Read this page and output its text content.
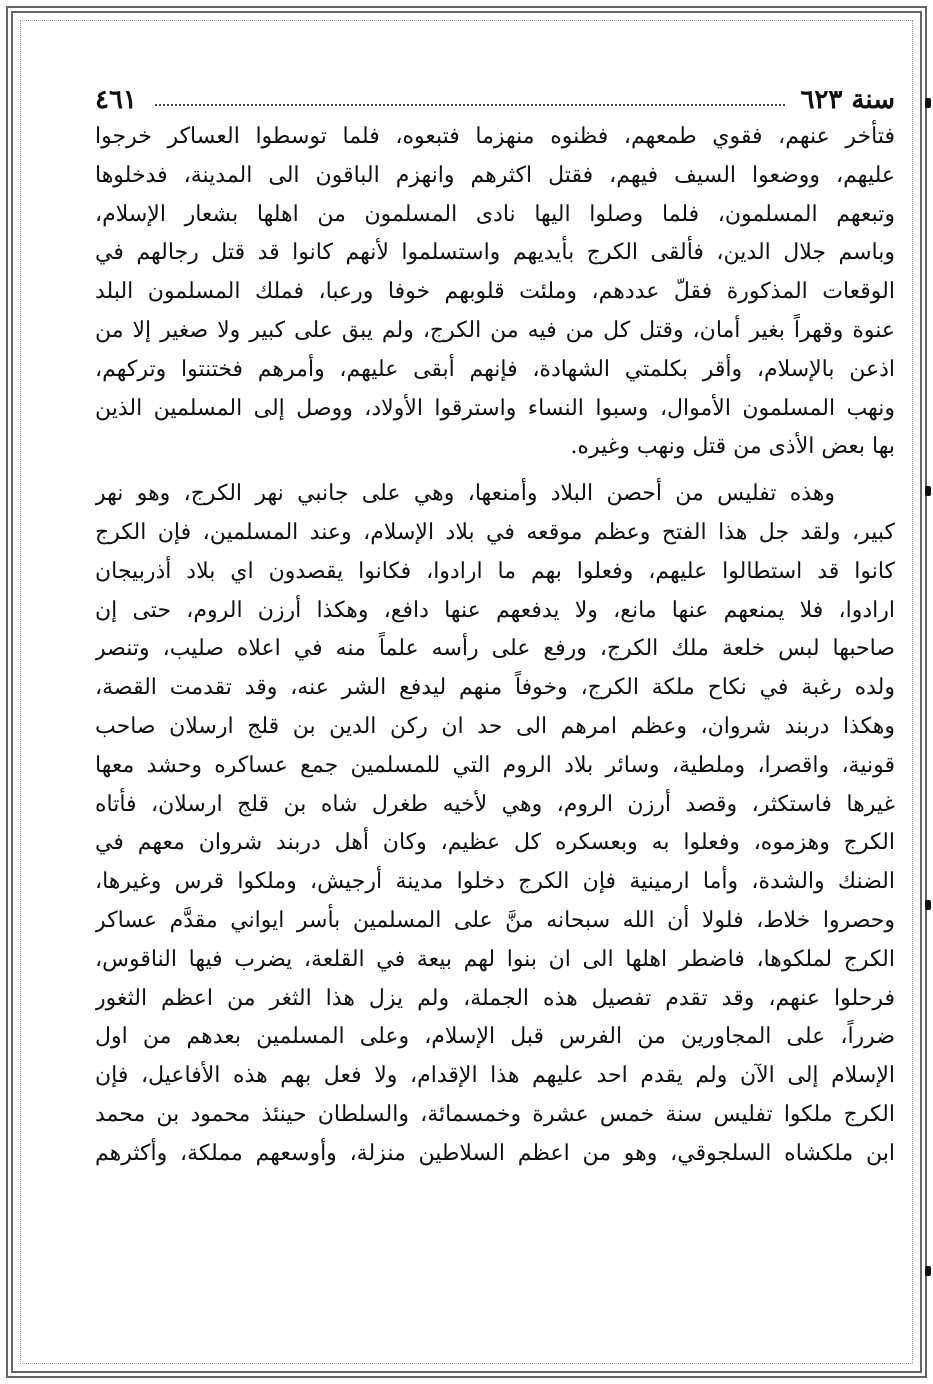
سنة ٦٢٣
٤٦١
فتأخر عنهم، فقوي طمعهم، فظنوه منهزما فتبعوه، فلما توسطوا العساكر خرجوا
عليهم، ووضعوا السيف فيهم، فقتل اكثرهم وانهزم الباقون الى المدينة، فدخلوها
وتبعهم المسلمون، فلما وصلوا اليها نادى المسلمون من اهلها بشعار الإسلام،
وباسم جلال الدين، فألقى الكرج بأيديهم واستسلموا لأنهم كانوا قد قتل رجالهم في
الوقعات المذكورة فقلّ عددهم، وملئت قلوبهم خوفا ورعبا، فملك المسلمون البلد
عنوة وقهراً بغير أمان، وقتل كل من فيه من الكرج، ولم يبق على كبير ولا صغير إلا من
اذعن بالإسلام، وأقر بكلمتي الشهادة، فإنهم أبقى عليهم، وأمرهم فختنتوا وتركهم،
ونهب المسلمون الأموال، وسبوا النساء واسترقوا الأولاد، ووصل إلى المسلمين الذين
بها بعض الأذى من قتل ونهب وغيره.
وهذه تفليس من أحصن البلاد وأمنعها، وهي على جانبي نهر الكرج، وهو نهر
كبير، ولقد جل هذا الفتح وعظم موقعه في بلاد الإسلام، وعند المسلمين، فإن الكرج
كانوا قد استطالوا عليهم، وفعلوا بهم ما ارادوا، فكانوا يقصدون اي بلاد أذربيجان
ارادوا، فلا يمنعهم عنها مانع، ولا يدفعهم عنها دافع، وهكذا أرزن الروم، حتى إن
صاحبها لبس خلعة ملك الكرج، ورفع على رأسه علماً منه في اعلاه صليب، وتنصر
ولده رغبة في نكاح ملكة الكرج، وخوفاً منهم ليدفع الشر عنه، وقد تقدمت القصة،
وهكذا دربند شروان، وعظم امرهم الى حد ان ركن الدين بن قلج ارسلان صاحب
قونية، واقصرا، وملطية، وسائر بلاد الروم التي للمسلمين جمع عساكره وحشد معها
غيرها فاستكثر، وقصد أرزن الروم، وهي لأخيه طغرل شاه بن قلج ارسلان، فأتاه
الكرج وهزموه، وفعلوا به وبعسكره كل عظيم، وكان أهل دربند شروان معهم في
الضنك والشدة، وأما ارمينية فإن الكرج دخلوا مدينة أرجيش، وملكوا قرس وغيرها،
وحصروا خلاط، فلولا أن الله سبحانه منَّ على المسلمين بأسر ايواني مقدَّم عساكر
الكرج لملكوها، فاضطر اهلها الى ان بنوا لهم بيعة في القلعة، يضرب فيها الناقوس،
فرحلوا عنهم، وقد تقدم تفصيل هذه الجملة، ولم يزل هذا الثغر من اعظم الثغور
ضرراً، على المجاورين من الفرس قبل الإسلام، وعلى المسلمين بعدهم من اول
الإسلام إلى الآن ولم يقدم احد عليهم هذا الإقدام، ولا فعل بهم هذه الأفاعيل، فإن
الكرج ملكوا تفليس سنة خمس عشرة وخمسمائة، والسلطان حينئذ محمود بن محمد
ابن ملكشاه السلجوقي، وهو من اعظم السلاطين منزلة، وأوسعهم مملكة، وأكثرهم
